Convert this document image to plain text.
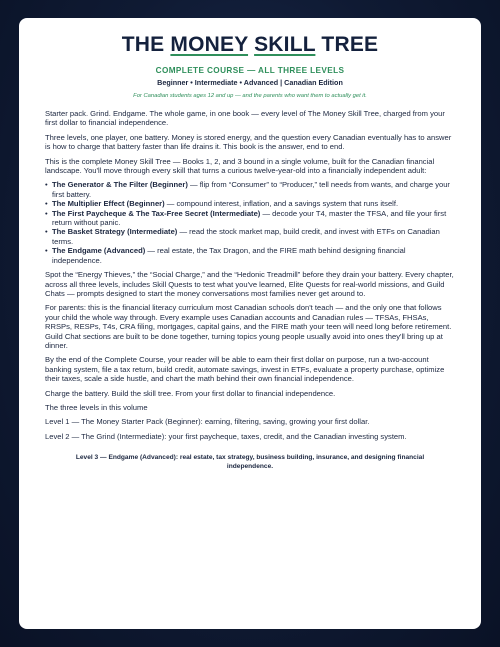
THE MONEY SKILL TREE
COMPLETE COURSE — ALL THREE LEVELS
Beginner • Intermediate • Advanced | Canadian Edition
For Canadian students ages 12 and up — and the parents who want them to actually get it.

Starter pack. Grind. Endgame. The whole game, in one book — every level of The Money Skill Tree, charged from your first dollar to financial independence.

Three levels, one player, one battery. Money is stored energy, and the question every Canadian eventually has to answer is how to charge that battery faster than life drains it. This book is the answer, end to end.

This is the complete Money Skill Tree — Books 1, 2, and 3 bound in a single volume, built for the Canadian financial landscape. You'll move through every skill that turns a curious twelve-year-old into a financially independent adult:

• The Generator & The Filter (Beginner) — flip from “Consumer” to “Producer,” tell needs from wants, and charge your first battery.
• The Multiplier Effect (Beginner) — compound interest, inflation, and a savings system that runs itself.
• The First Paycheque & The Tax-Free Secret (Intermediate) — decode your T4, master the TFSA, and file your first return without panic.
• The Basket Strategy (Intermediate) — read the stock market map, build credit, and invest with ETFs on Canadian terms.
• The Endgame (Advanced) — real estate, the Tax Dragon, and the FIRE math behind designing financial independence.

Spot the “Energy Thieves,” the “Social Charge,” and the “Hedonic Treadmill” before they drain your battery. Every chapter, across all three levels, includes Skill Quests to test what you've learned, Elite Quests for real-world missions, and Guild Chats — prompts designed to start the money conversations most families never get around to.

For parents: this is the financial literacy curriculum most Canadian schools don't teach — and the only one that follows your child the whole way through. Every example uses Canadian accounts and Canadian rules — TFSAs, FHSAs, RRSPs, RESPs, T4s, CRA filing, mortgages, capital gains, and the FIRE math your teen will need long before retirement. Guild Chat sections are built to be done together, turning topics young people usually avoid into ones they'll bring up at dinner.

By the end of the Complete Course, your reader will be able to earn their first dollar on purpose, run a two-account banking system, file a tax return, build credit, automate savings, invest in ETFs, evaluate a property purchase, optimize their taxes, scale a side hustle, and chart the math behind their own financial independence.

Charge the battery. Build the skill tree. From your first dollar to financial independence.

The three levels in this volume

Level 1 — The Money Starter Pack (Beginner): earning, filtering, saving, growing your first dollar.

Level 2 — The Grind (Intermediate): your first paycheque, taxes, credit, and the Canadian investing system.

Level 3 — Endgame (Advanced): real estate, tax strategy, business building, insurance, and designing financial independence.
